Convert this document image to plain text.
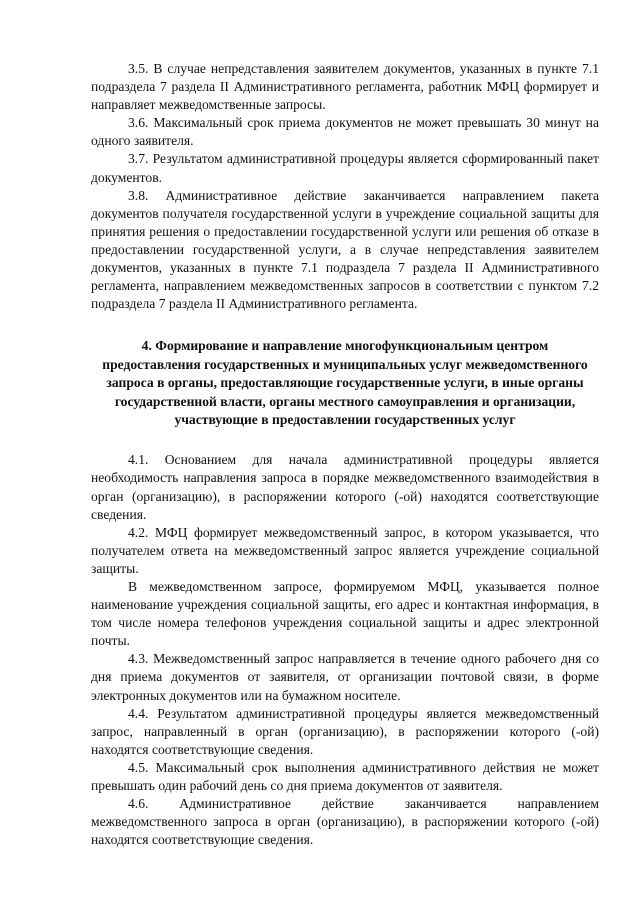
3.5. В случае непредставления заявителем документов, указанных в пункте 7.1 подраздела 7 раздела II Административного регламента, работник МФЦ формирует и направляет межведомственные запросы.

3.6. Максимальный срок приема документов не может превышать 30 минут на одного заявителя.

3.7. Результатом административной процедуры является сформированный пакет документов.

3.8. Административное действие заканчивается направлением пакета документов получателя государственной услуги в учреждение социальной защиты для принятия решения о предоставлении государственной услуги или решения об отказе в предоставлении государственной услуги, а в случае непредставления заявителем документов, указанных в пункте 7.1 подраздела 7 раздела II Административного регламента, направлением межведомственных запросов в соответствии с пунктом 7.2 подраздела 7 раздела II Административного регламента.

4. Формирование и направление многофункциональным центром предоставления государственных и муниципальных услуг межведомственного запроса в органы, предоставляющие государственные услуги, в иные органы государственной власти, органы местного самоуправления и организации, участвующие в предоставлении государственных услуг

4.1. Основанием для начала административной процедуры является необходимость направления запроса в порядке межведомственного взаимодействия в орган (организацию), в распоряжении которого (-ой) находятся соответствующие сведения.

4.2. МФЦ формирует межведомственный запрос, в котором указывается, что получателем ответа на межведомственный запрос является учреждение социальной защиты.

В межведомственном запросе, формируемом МФЦ, указывается полное наименование учреждения социальной защиты, его адрес и контактная информация, в том числе номера телефонов учреждения социальной защиты и адрес электронной почты.

4.3. Межведомственный запрос направляется в течение одного рабочего дня со дня приема документов от заявителя, от организации почтовой связи, в форме электронных документов или на бумажном носителе.

4.4. Результатом административной процедуры является межведомственный запрос, направленный в орган (организацию), в распоряжении которого (-ой) находятся соответствующие сведения.

4.5. Максимальный срок выполнения административного действия не может превышать один рабочий день со дня приема документов от заявителя.

4.6. Административное действие заканчивается направлением межведомственного запроса в орган (организацию), в распоряжении которого (-ой) находятся соответствующие сведения.
